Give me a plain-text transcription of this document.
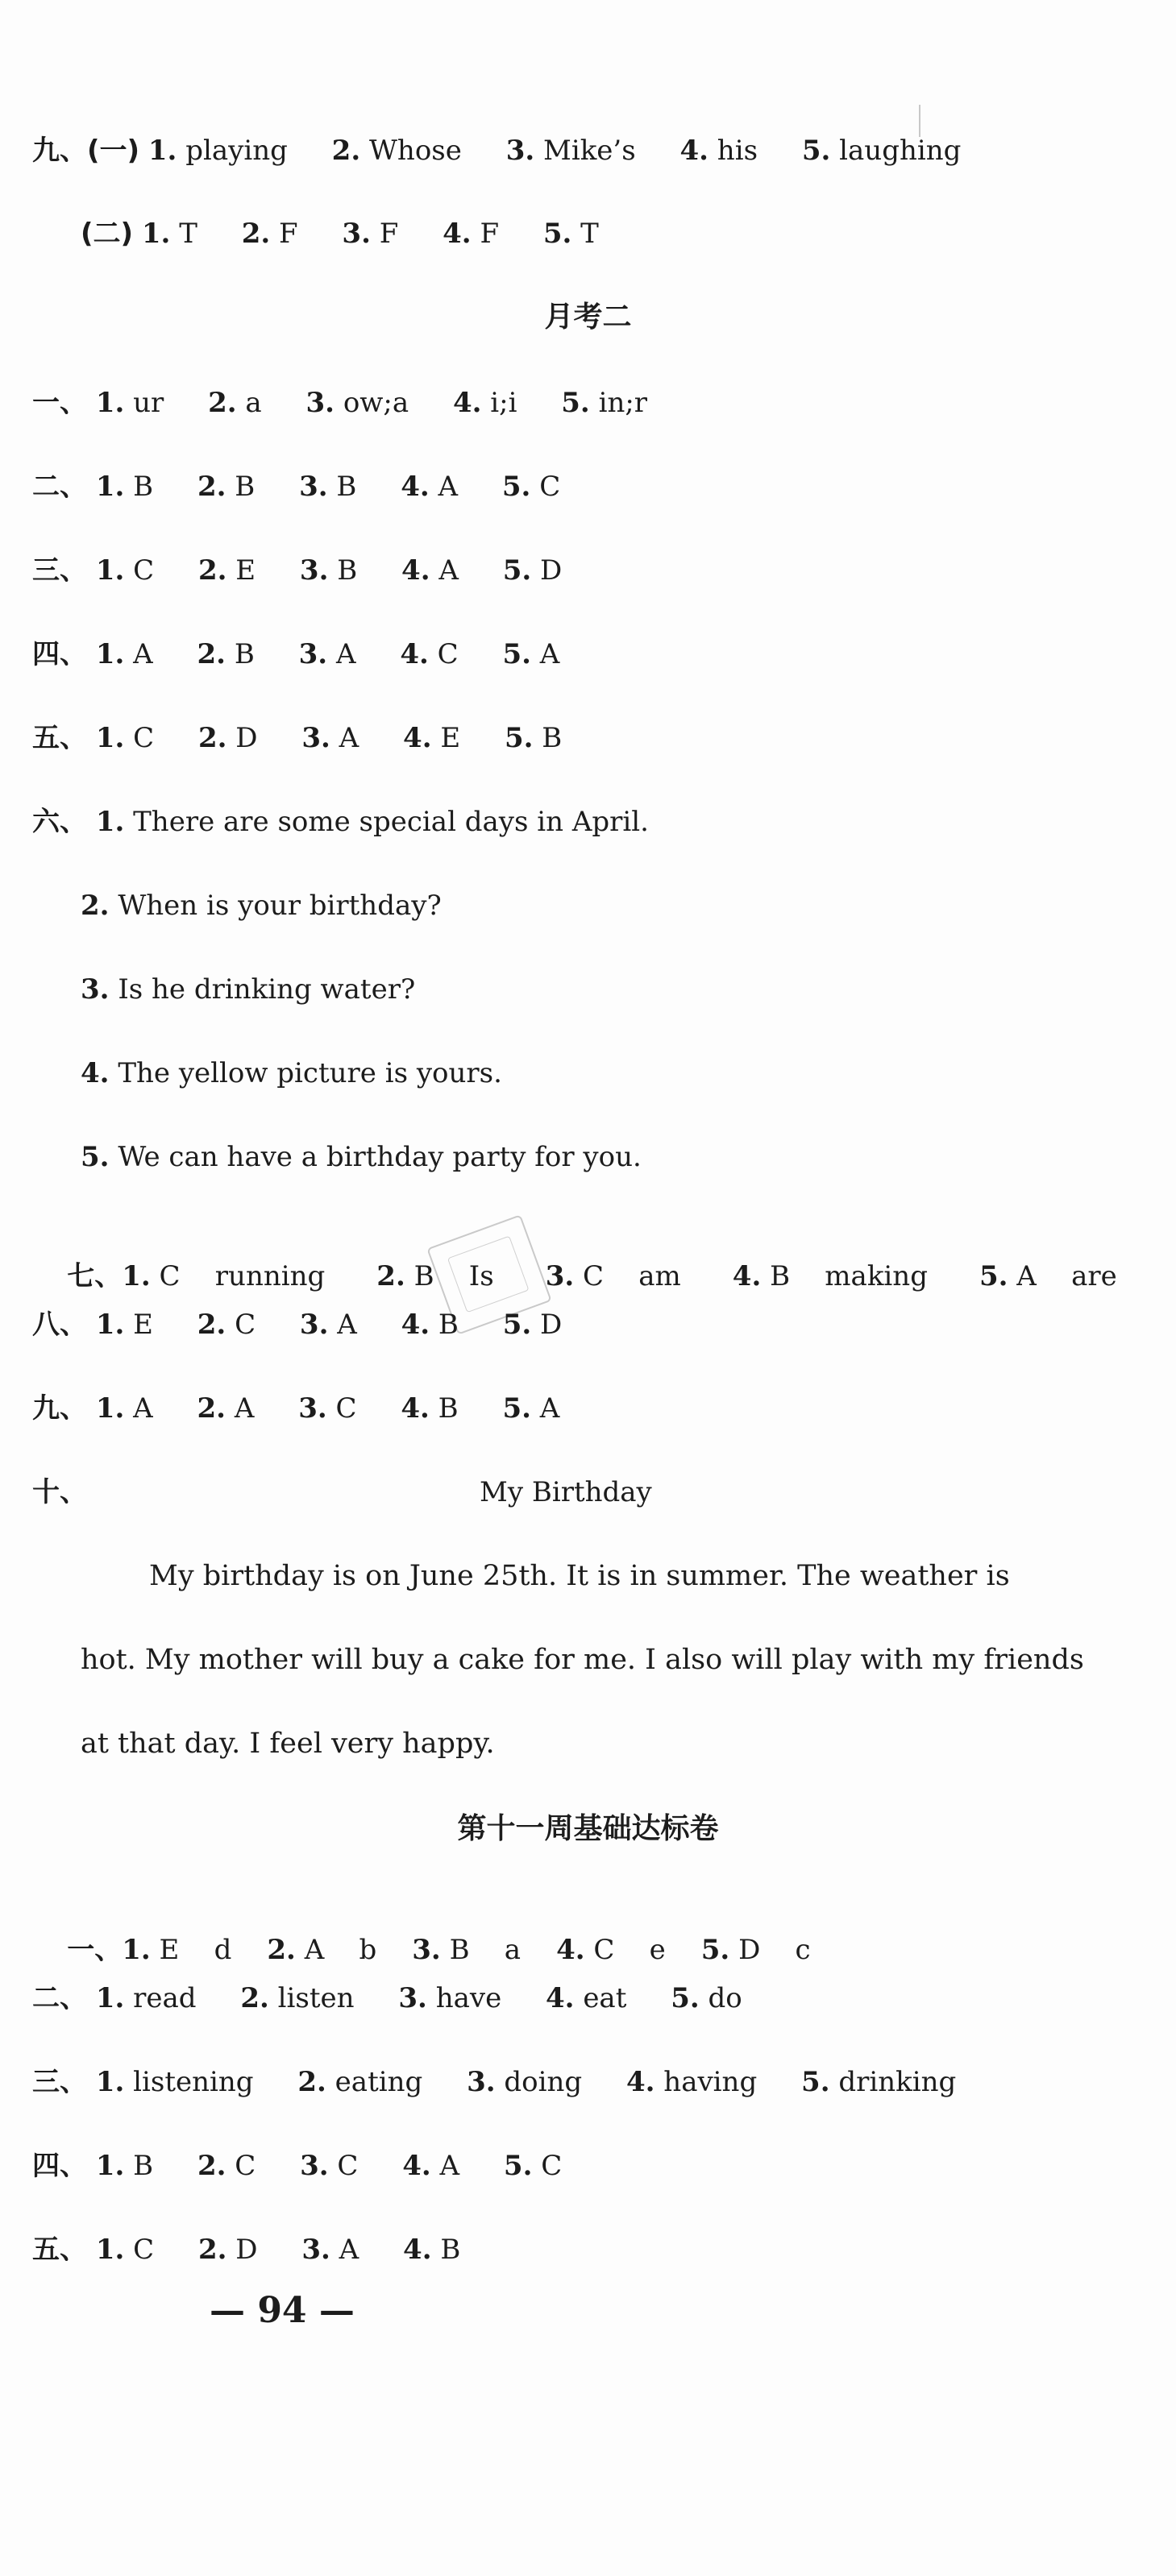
九、(一) 1. playing 2. Whose 3. Mike’s 4. his 5. laughing
(二) 1. T 2. F 3. F 4. F 5. T
月考二
一、 1. ur 2. a 3. ow;a 4. i;i 5. in;r
二、 1. B 2. B 3. B 4. A 5. C
三、 1. C 2. E 3. B 4. A 5. D
四、 1. A 2. B 3. A 4. C 5. A
五、 1. C 2. D 3. A 4. E 5. B
六、 1. There are some special days in April.
2. When is your birthday?
3. Is he drinking water?
4. The yellow picture is yours.
5. We can have a birthday party for you.

七、1. C    running 2. B    Is 3. C    am 4. B    making 5. A    are

八、 1. E 2. C 3. A 4. B 5. D
九、 1. A 2. A 3. C 4. B 5. A
十、	My Birthday
My birthday is on June 25th. It is in summer. The weather is
hot. My mother will buy a cake for me. I also will play with my friends
at that day. I feel very happy.
第十一周基础达标卷

一、1. E    d 2. A    b 3. B    a 4. C    e 5. D    c

二、 1. read 2. listen 3. have 4. eat 5. do
三、 1. listening 2. eating 3. doing 4. having 5. drinking
四、 1. B 2. C 3. C 4. A 5. C
五、 1. C 2. D 3. A 4. B
— 94 —
